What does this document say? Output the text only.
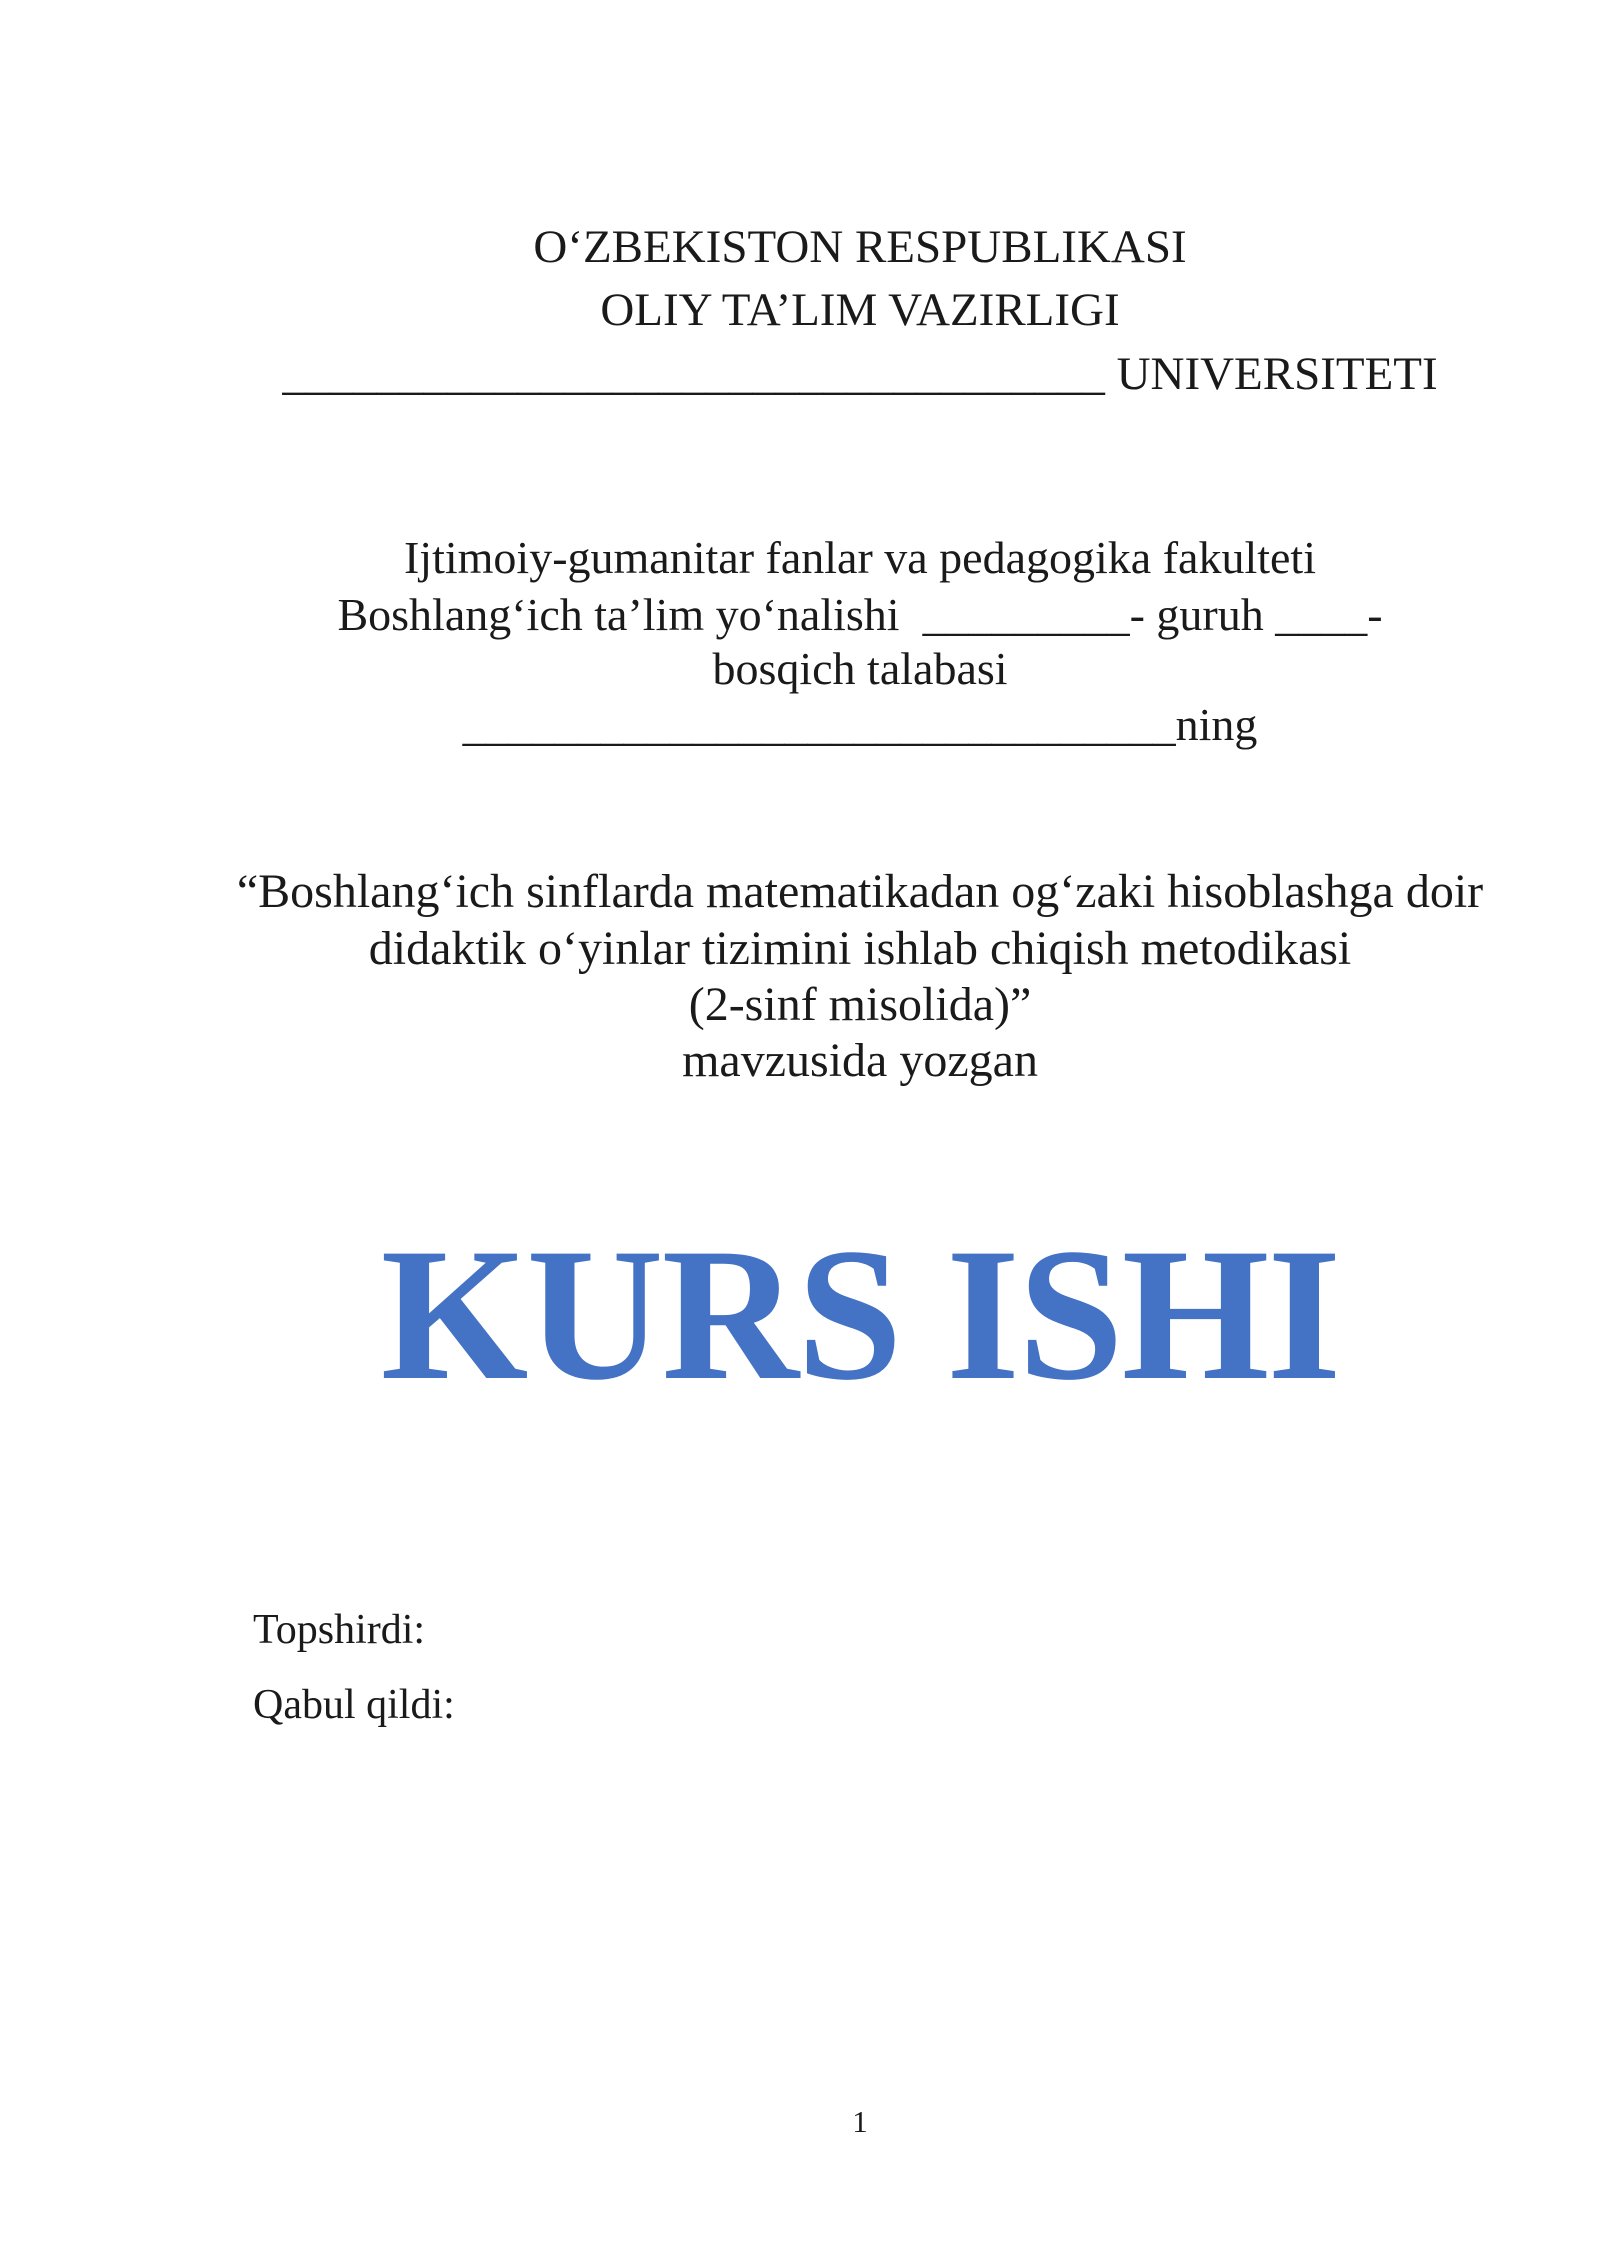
O‘ZBEKISTON RESPUBLIKASI
OLIY TA’LIM VAZIRLIGI
___________________________________ UNIVERSITETI
Ijtimoiy-gumanitar fanlar va pedagogika fakulteti
Boshlang‘ich ta’lim yo‘nalishi  _________- guruh ____-
bosqich talabasi
_______________________________ning
“Boshlang‘ich sinflarda matematikadan og‘zaki hisoblashga doir
didaktik o‘yinlar tizimini ishlab chiqish metodikasi
(2-sinf misolida)”
mavzusida yozgan
KURS ISHI
Topshirdi:
Qabul qildi:
1
